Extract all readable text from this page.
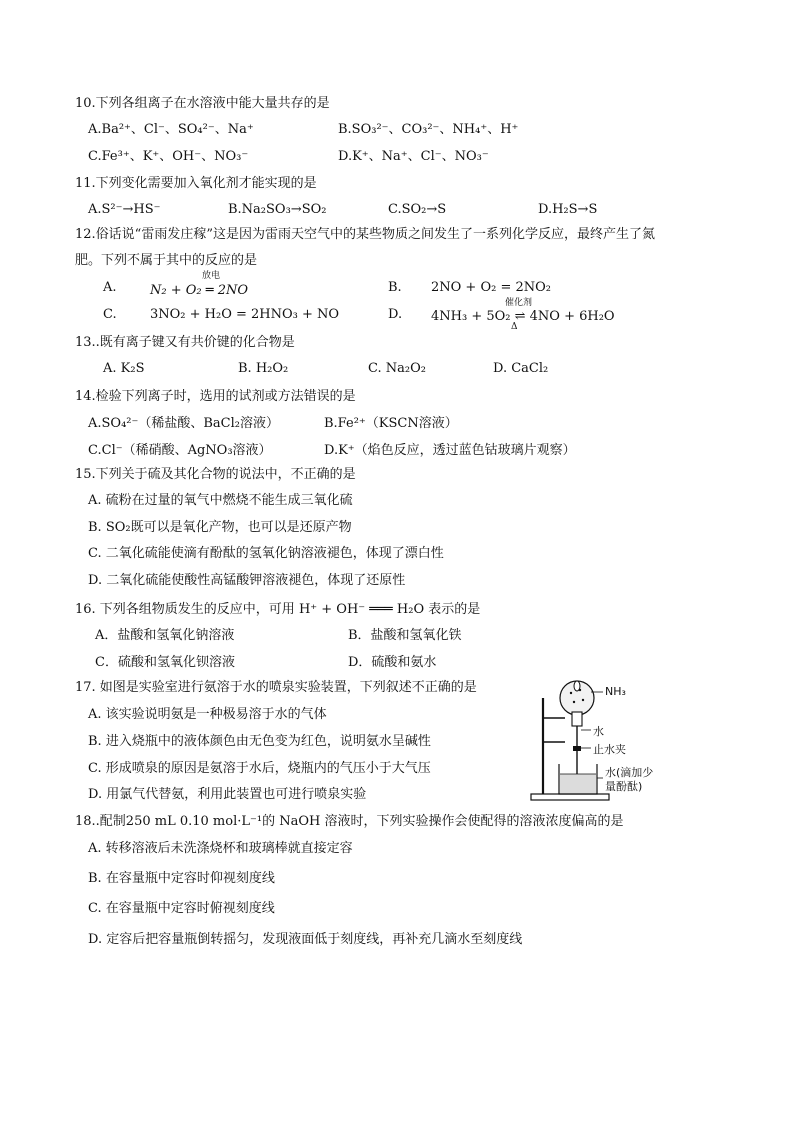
10.下列各组离子在水溶液中能大量共存的是
A.Ba²⁺、Cl⁻、SO₄²⁻、Na⁺	B.SO₃²⁻、CO₃²⁻、NH₄⁺、H⁺
C.Fe³⁺、K⁺、OH⁻、NO₃⁻	D.K⁺、Na⁺、Cl⁻、NO₃⁻
11.下列变化需要加入氧化剂才能实现的是
A.S²⁻→HS⁻	B.Na₂SO₃→SO₂	C.SO₂→S	D.H₂S→S
12.俗话说“雷雨发庄稼”这是因为雷雨天空气中的某些物质之间发生了一系列化学反应，最终产生了氮
肥。下列不属于其中的反应的是
A.	N₂ + O₂ ═ 2NO
放电
B. 2NO + O₂ = 2NO₂
C.	3NO₂ + H₂O = 2HNO₃ + NO	D. 4NH₃ + 5O₂ ⇌ 4NO + 6H₂O
催化剂
Δ
13..既有离子键又有共价键的化合物是
A. K₂S	B. H₂O₂	C. Na₂O₂	D. CaCl₂
14.检验下列离子时，选用的试剂或方法错误的是
A.SO₄²⁻（稀盐酸、BaCl₂溶液）	B.Fe²⁺（KSCN溶液）
C.Cl⁻（稀硝酸、AgNO₃溶液）	D.K⁺（焰色反应，透过蓝色钴玻璃片观察）
15.下列关于硫及其化合物的说法中，不正确的是
A. 硫粉在过量的氧气中燃烧不能生成三氧化硫
B. SO₂既可以是氧化产物，也可以是还原产物
C. 二氧化硫能使滴有酚酞的氢氧化钠溶液褪色，体现了漂白性
D. 二氧化硫能使酸性高锰酸钾溶液褪色，体现了还原性
16. 下列各组物质发生的反应中，可用 H⁺ + OH⁻ ═══ H₂O 表示的是
A．盐酸和氢氧化钠溶液	B．盐酸和氢氧化铁
C．硫酸和氢氧化钡溶液	D．硫酸和氨水
17. 如图是实验室进行氨溶于水的喷泉实验装置，下列叙述不正确的是
A. 该实验说明氨是一种极易溶于水的气体
B. 进入烧瓶中的液体颜色由无色变为红色，说明氨水呈碱性
C. 形成喷泉的原因是氨溶于水后，烧瓶内的气压小于大气压
D. 用氯气代替氨，利用此装置也可进行喷泉实验
NH₃
水
止水夹
水(滴加少
量酚酞)
18..配制250 mL 0.10 mol·L⁻¹的 NaOH 溶液时，下列实验操作会使配得的溶液浓度偏高的是
A. 转移溶液后未洗涤烧杯和玻璃棒就直接定容
B. 在容量瓶中定容时仰视刻度线
C. 在容量瓶中定容时俯视刻度线
D. 定容后把容量瓶倒转摇匀，发现液面低于刻度线，再补充几滴水至刻度线
